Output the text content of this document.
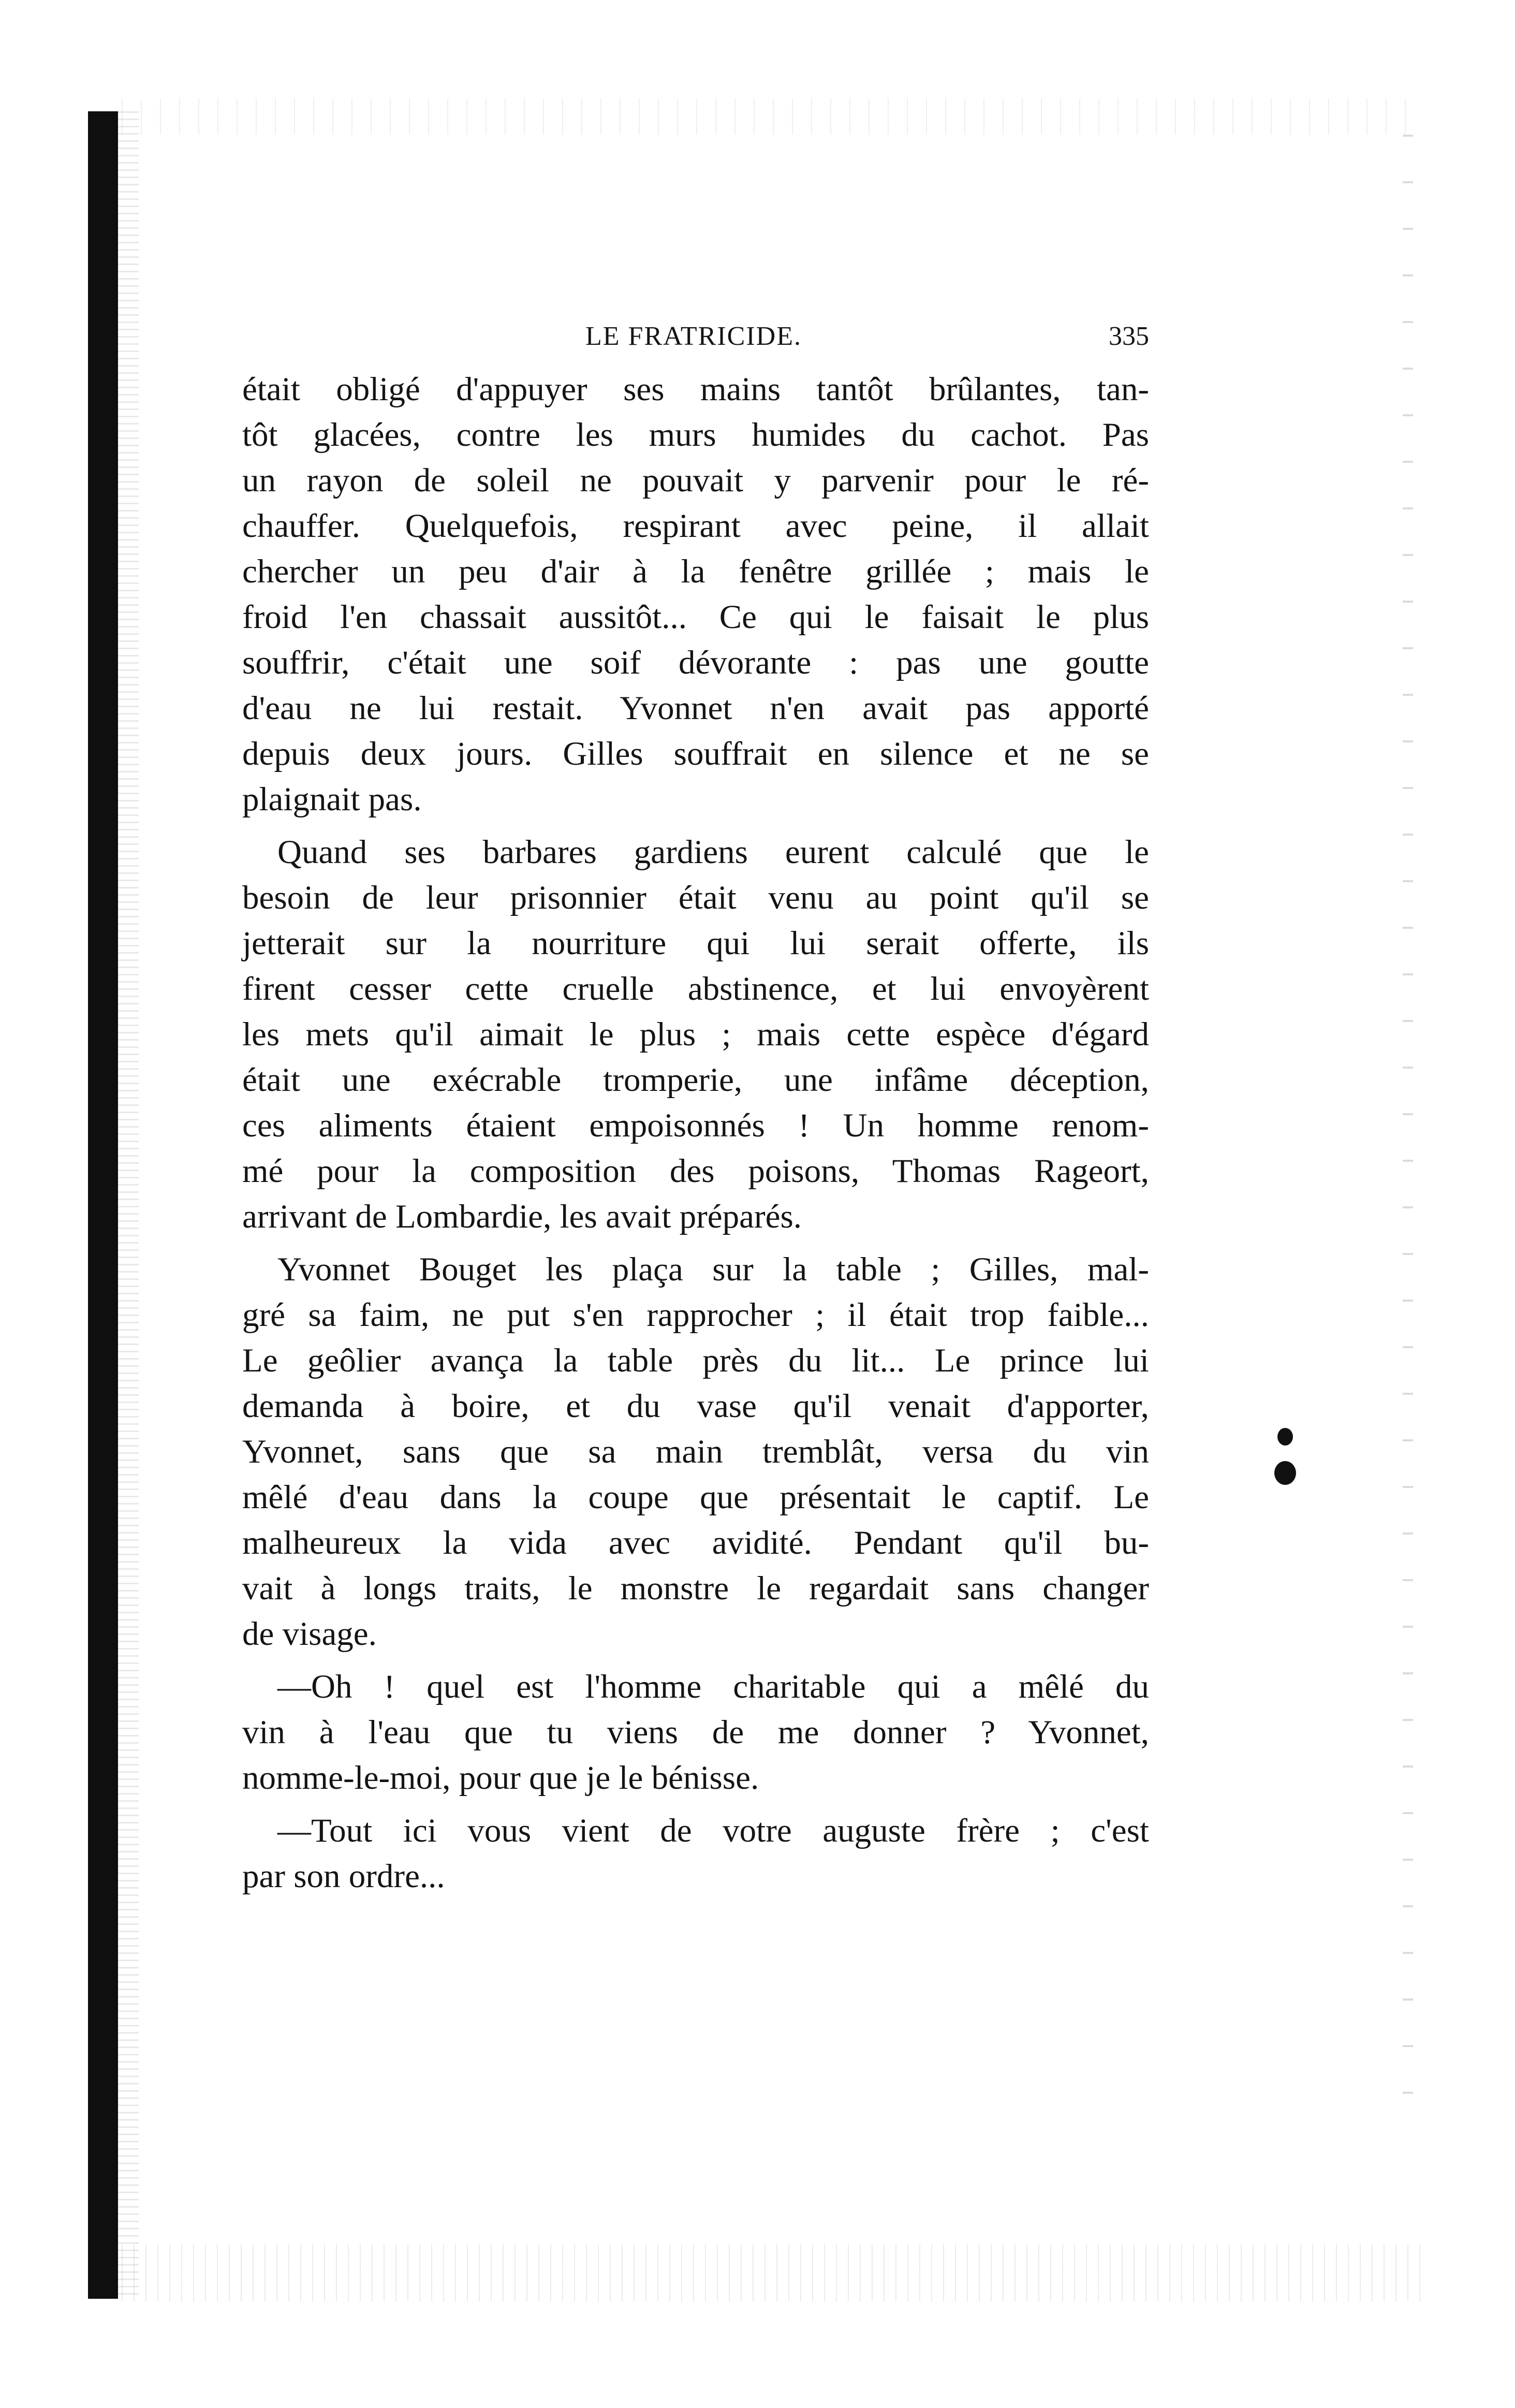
LE FRATRICIDE.	335
était obligé d'appuyer ses mains tantôt brûlantes, tan-
tôt glacées, contre les murs humides du cachot. Pas
un rayon de soleil ne pouvait y parvenir pour le ré-
chauffer. Quelquefois, respirant avec peine, il allait
chercher un peu d'air à la fenêtre grillée ; mais le
froid l'en chassait aussitôt... Ce qui le faisait le plus
souffrir, c'était une soif dévorante : pas une goutte
d'eau ne lui restait. Yvonnet n'en avait pas apporté
depuis deux jours. Gilles souffrait en silence et ne se
plaignait pas.
Quand ses barbares gardiens eurent calculé que le
besoin de leur prisonnier était venu au point qu'il se
jetterait sur la nourriture qui lui serait offerte, ils
firent cesser cette cruelle abstinence, et lui envoyèrent
les mets qu'il aimait le plus ; mais cette espèce d'égard
était une exécrable tromperie, une infâme déception,
ces aliments étaient empoisonnés ! Un homme renom-
mé pour la composition des poisons, Thomas Rageort,
arrivant de Lombardie, les avait préparés.
Yvonnet Bouget les plaça sur la table ; Gilles, mal-
gré sa faim, ne put s'en rapprocher ; il était trop faible...
Le geôlier avança la table près du lit... Le prince lui
demanda à boire, et du vase qu'il venait d'apporter,
Yvonnet, sans que sa main tremblât, versa du vin
mêlé d'eau dans la coupe que présentait le captif. Le
malheureux la vida avec avidité. Pendant qu'il bu-
vait à longs traits, le monstre le regardait sans changer
de visage.
—Oh ! quel est l'homme charitable qui a mêlé du
vin à l'eau que tu viens de me donner ? Yvonnet,
nomme-le-moi, pour que je le bénisse.
—Tout ici vous vient de votre auguste frère ; c'est
par son ordre...
